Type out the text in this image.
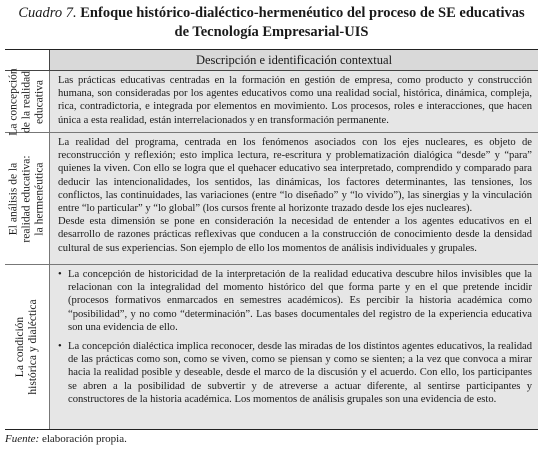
Cuadro 7. Enfoque histórico-dialéctico-hermenéutico del proceso de SE educativas
de Tecnología Empresarial-UIS
Descripción e identificación contextual
La concepción de la realidad educativa Las prácticas educativas centradas en la formación en gestión de empresa, como producto y construcción humana, son consideradas por los agentes educativos como una realidad social, histórica, dinámica, compleja, rica, contradictoria, e integrada por elementos en movimiento. Los procesos, roles e interacciones, que hacen única a esta realidad, están interrelacionados y en transformación permanente.

El análisis de la realidad educativa: la hermenéutica

La realidad del programa, centrada en los fenómenos asociados con los ejes nucleares, es objeto de reconstrucción y reflexión; esto implica lectura, re-escritura y problematización dialógica “desde” y “para” quienes la viven. Con ello se logra que el quehacer educativo sea interpretado, comprendido y comparado para deducir las intencionalidades, los sentidos, las dinámicas, los factores determinantes, las tensiones, los conflictos, las continuidades, las variaciones (entre “lo diseñado” y “lo vivido”), las sinergias y la vinculación entre “lo particular” y “lo global” (los cursos frente al horizonte trazado desde los ejes nucleares).

Desde esta dimensión se pone en consideración la necesidad de entender a los agentes educativos en el desarrollo de razones prácticas reflexivas que conducen a la construcción de conocimiento desde la densidad cultural de sus experiencias. Son ejemplo de ello los momentos de análisis individuales y grupales.

La condición histórica y dialéctica
• La concepción de historicidad de la interpretación de la realidad educativa descubre hilos invisibles que la relacionan con la integralidad del momento histórico del que forma parte y en el que pretende incidir (procesos formativos enmarcados en semestres académicos). Es percibir la historia académica como “posibilidad”, y no como “determinación”. Las bases documentales del registro de la experiencia educativa son una evidencia de ello.
• La concepción dialéctica implica reconocer, desde las miradas de los distintos agentes educativos, la realidad de las prácticas como son, como se viven, como se piensan y como se sienten; a la vez que convoca a mirar hacia la realidad posible y deseable, desde el marco de la discusión y el acuerdo. Con ello, los participantes se abren a la posibilidad de subvertir y de atreverse a actuar diferente, al sentirse participantes y constructores de la historia académica. Los momentos de análisis grupales son una evidencia de esto.
Fuente: elaboración propia.
